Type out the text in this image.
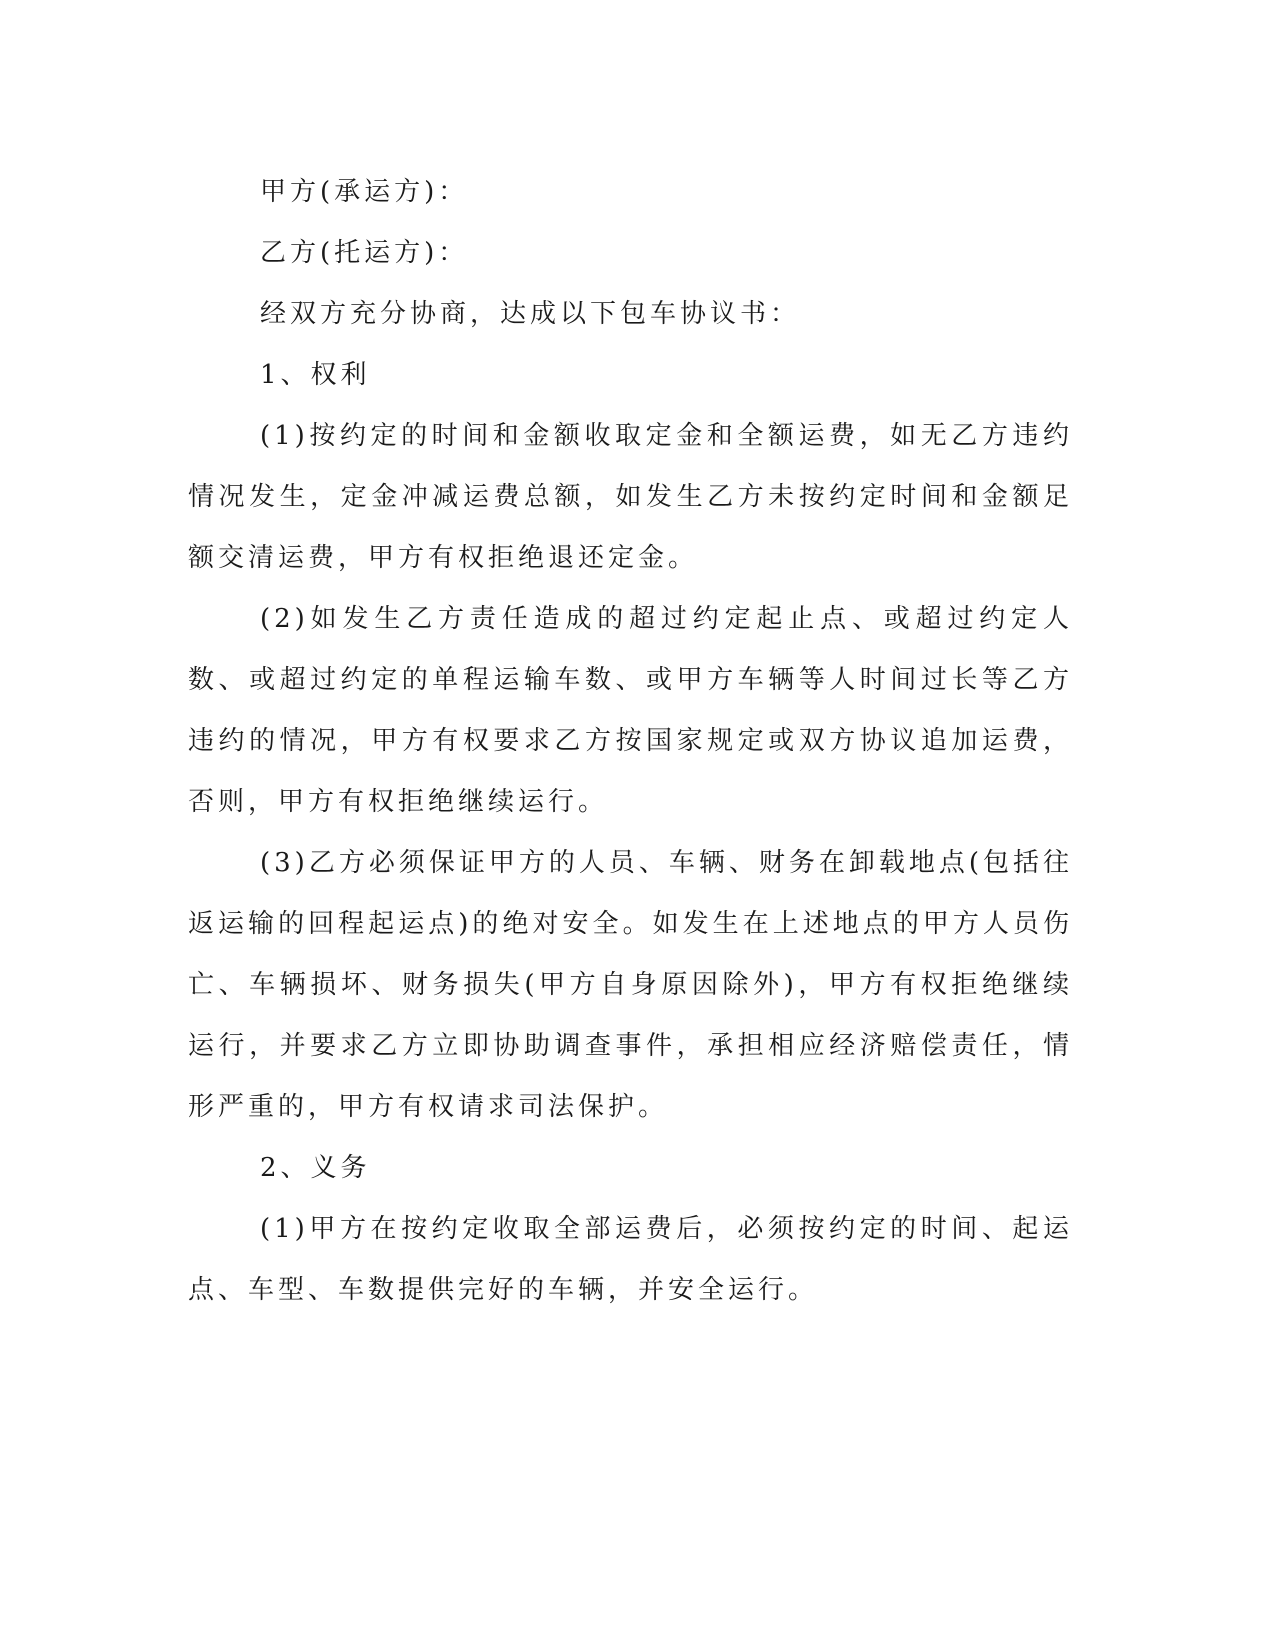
甲方(承运方)：

乙方(托运方)：

经双方充分协商，达成以下包车协议书：

1、权利

(1)按约定的时间和金额收取定金和全额运费，如无乙方违约情况发生，定金冲减运费总额，如发生乙方未按约定时间和金额足额交清运费，甲方有权拒绝退还定金。

(2)如发生乙方责任造成的超过约定起止点、或超过约定人数、或超过约定的单程运输车数、或甲方车辆等人时间过长等乙方违约的情况，甲方有权要求乙方按国家规定或双方协议追加运费，否则，甲方有权拒绝继续运行。

(3)乙方必须保证甲方的人员、车辆、财务在卸载地点(包括往返运输的回程起运点)的绝对安全。如发生在上述地点的甲方人员伤亡、车辆损坏、财务损失(甲方自身原因除外)，甲方有权拒绝继续运行，并要求乙方立即协助调查事件，承担相应经济赔偿责任，情形严重的，甲方有权请求司法保护。

2、义务

(1)甲方在按约定收取全部运费后，必须按约定的时间、起运点、车型、车数提供完好的车辆，并安全运行。
